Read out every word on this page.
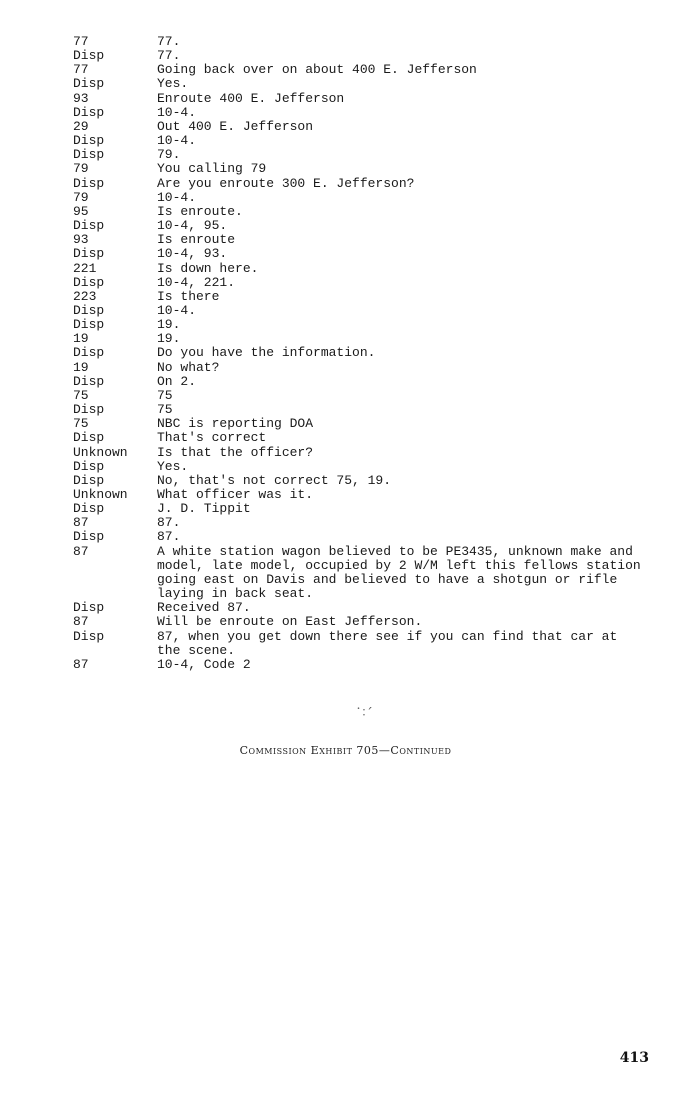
77	77.
Disp	77.
77	Going back over on about 400 E. Jefferson
Disp	Yes.
93	Enroute 400 E. Jefferson
Disp	10-4.
29	Out 400 E. Jefferson
Disp	10-4.
Disp	79.
79	You calling 79
Disp	Are you enroute 300 E. Jefferson?
79	10-4.
95	Is enroute.
Disp	10-4, 95.
93	Is enroute
Disp	10-4, 93.
221	Is down here.
Disp	10-4, 221.
223	Is there
Disp	10-4.
Disp	19.
19	19.
Disp	Do you have the information.
19	No what?
Disp	On 2.
75	75
Disp	75
75	NBC is reporting DOA
Disp	That's correct
Unknown	Is that the officer?
Disp	Yes.
Disp	No, that's not correct 75, 19.
Unknown	What officer was it.
Disp	J. D. Tippit
87	87.
Disp	87.
87	A white station wagon believed to be PE3435, unknown make and model, late model, occupied by 2 W/M left this fellows station going east on Davis and believed to have a shotgun or rifle laying in back seat.
Disp	Received 87.
87	Will be enroute on East Jefferson.
Disp	87, when you get down there see if you can find that car at the scene.
87	10-4, Code 2
˙˸ˊ
Commission Exhibit 705—Continued
413
